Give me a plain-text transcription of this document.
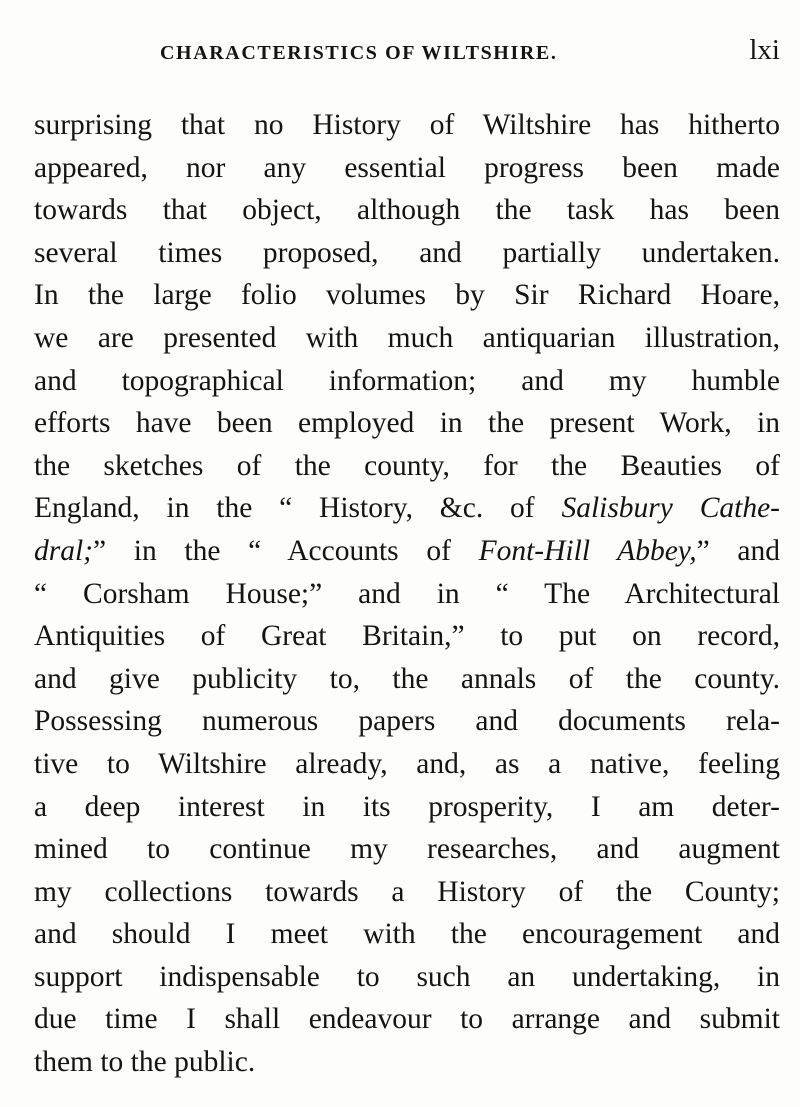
CHARACTERISTICS OF WILTSHIRE.	lxi
surprising that no History of Wiltshire has hitherto
appeared, nor any essential progress been made
towards that object, although the task has been
several times proposed, and partially undertaken.
In the large folio volumes by Sir Richard Hoare,
we are presented with much antiquarian illustration,
and topographical information; and my humble
efforts have been employed in the present Work, in
the sketches of the county, for the Beauties of
England, in the “ History, &c. of Salisbury Cathe-
dral;” in the “ Accounts of Font-Hill Abbey,” and
“ Corsham House;” and in “ The Architectural
Antiquities of Great Britain,” to put on record,
and give publicity to, the annals of the county.
Possessing numerous papers and documents rela-
tive to Wiltshire already, and, as a native, feeling
a deep interest in its prosperity, I am deter-
mined to continue my researches, and augment
my collections towards a History of the County;
and should I meet with the encouragement and
support indispensable to such an undertaking, in
due time I shall endeavour to arrange and submit
them to the public.
